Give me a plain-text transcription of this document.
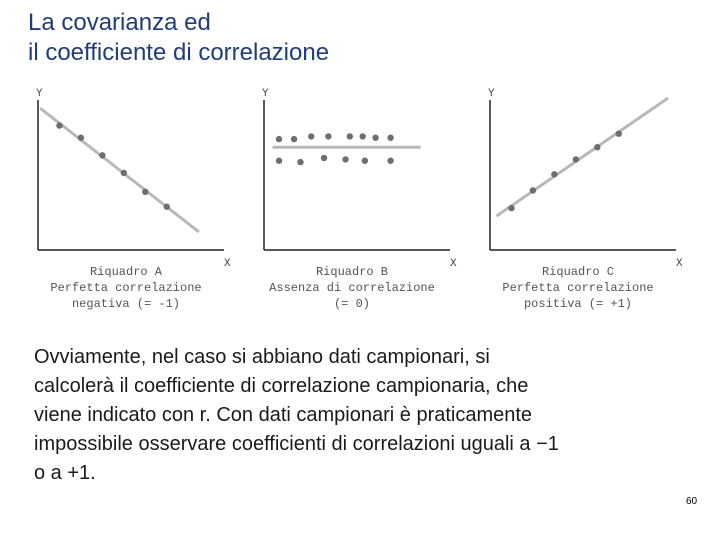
La covarianza ed
il coefficiente di correlazione
Y
X
Riquadro A
Perfetta correlazione
negativa (= -1)
Y
X
Riquadro B
Assenza di correlazione
(= 0)
Y
X
Riquadro C
Perfetta correlazione
positiva (= +1)
Ovviamente, nel caso si abbiano dati campionari, si
calcolerà il coefficiente di correlazione campionaria, che
viene indicato con r. Con dati campionari è praticamente
impossibile osservare coefficienti di correlazioni uguali a −1
o a +1.
60
